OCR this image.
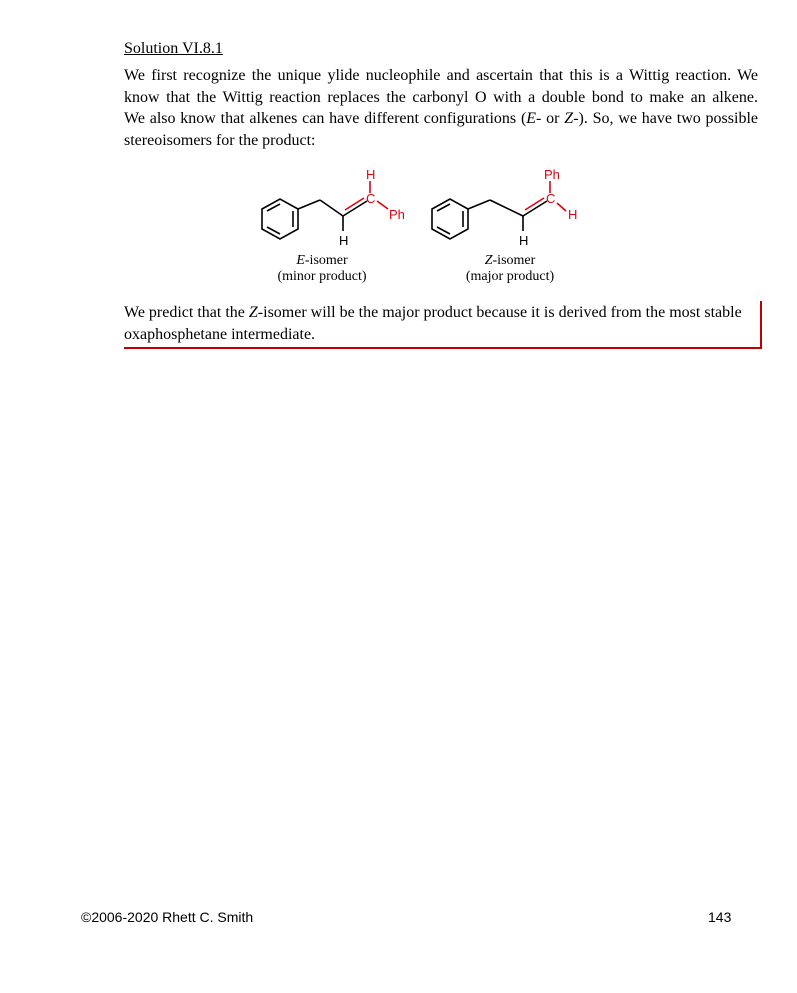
Solution VI.8.1
We first recognize the unique ylide nucleophile and ascertain that this is a Wittig reaction. We
know that the Wittig reaction replaces the carbonyl O with a double bond to make an alkene.
We also know that alkenes can have different configurations (E- or Z-). So, we have two possible
stereoisomers for the product:
H
C
Ph
H
Ph
C
H
H
E-isomer
(minor product)
Z-isomer
(major product)
We predict that the Z-isomer will be the major product because it is derived from the most stable
oxaphosphetane intermediate.
©2006-2020 Rhett C. Smith	143
